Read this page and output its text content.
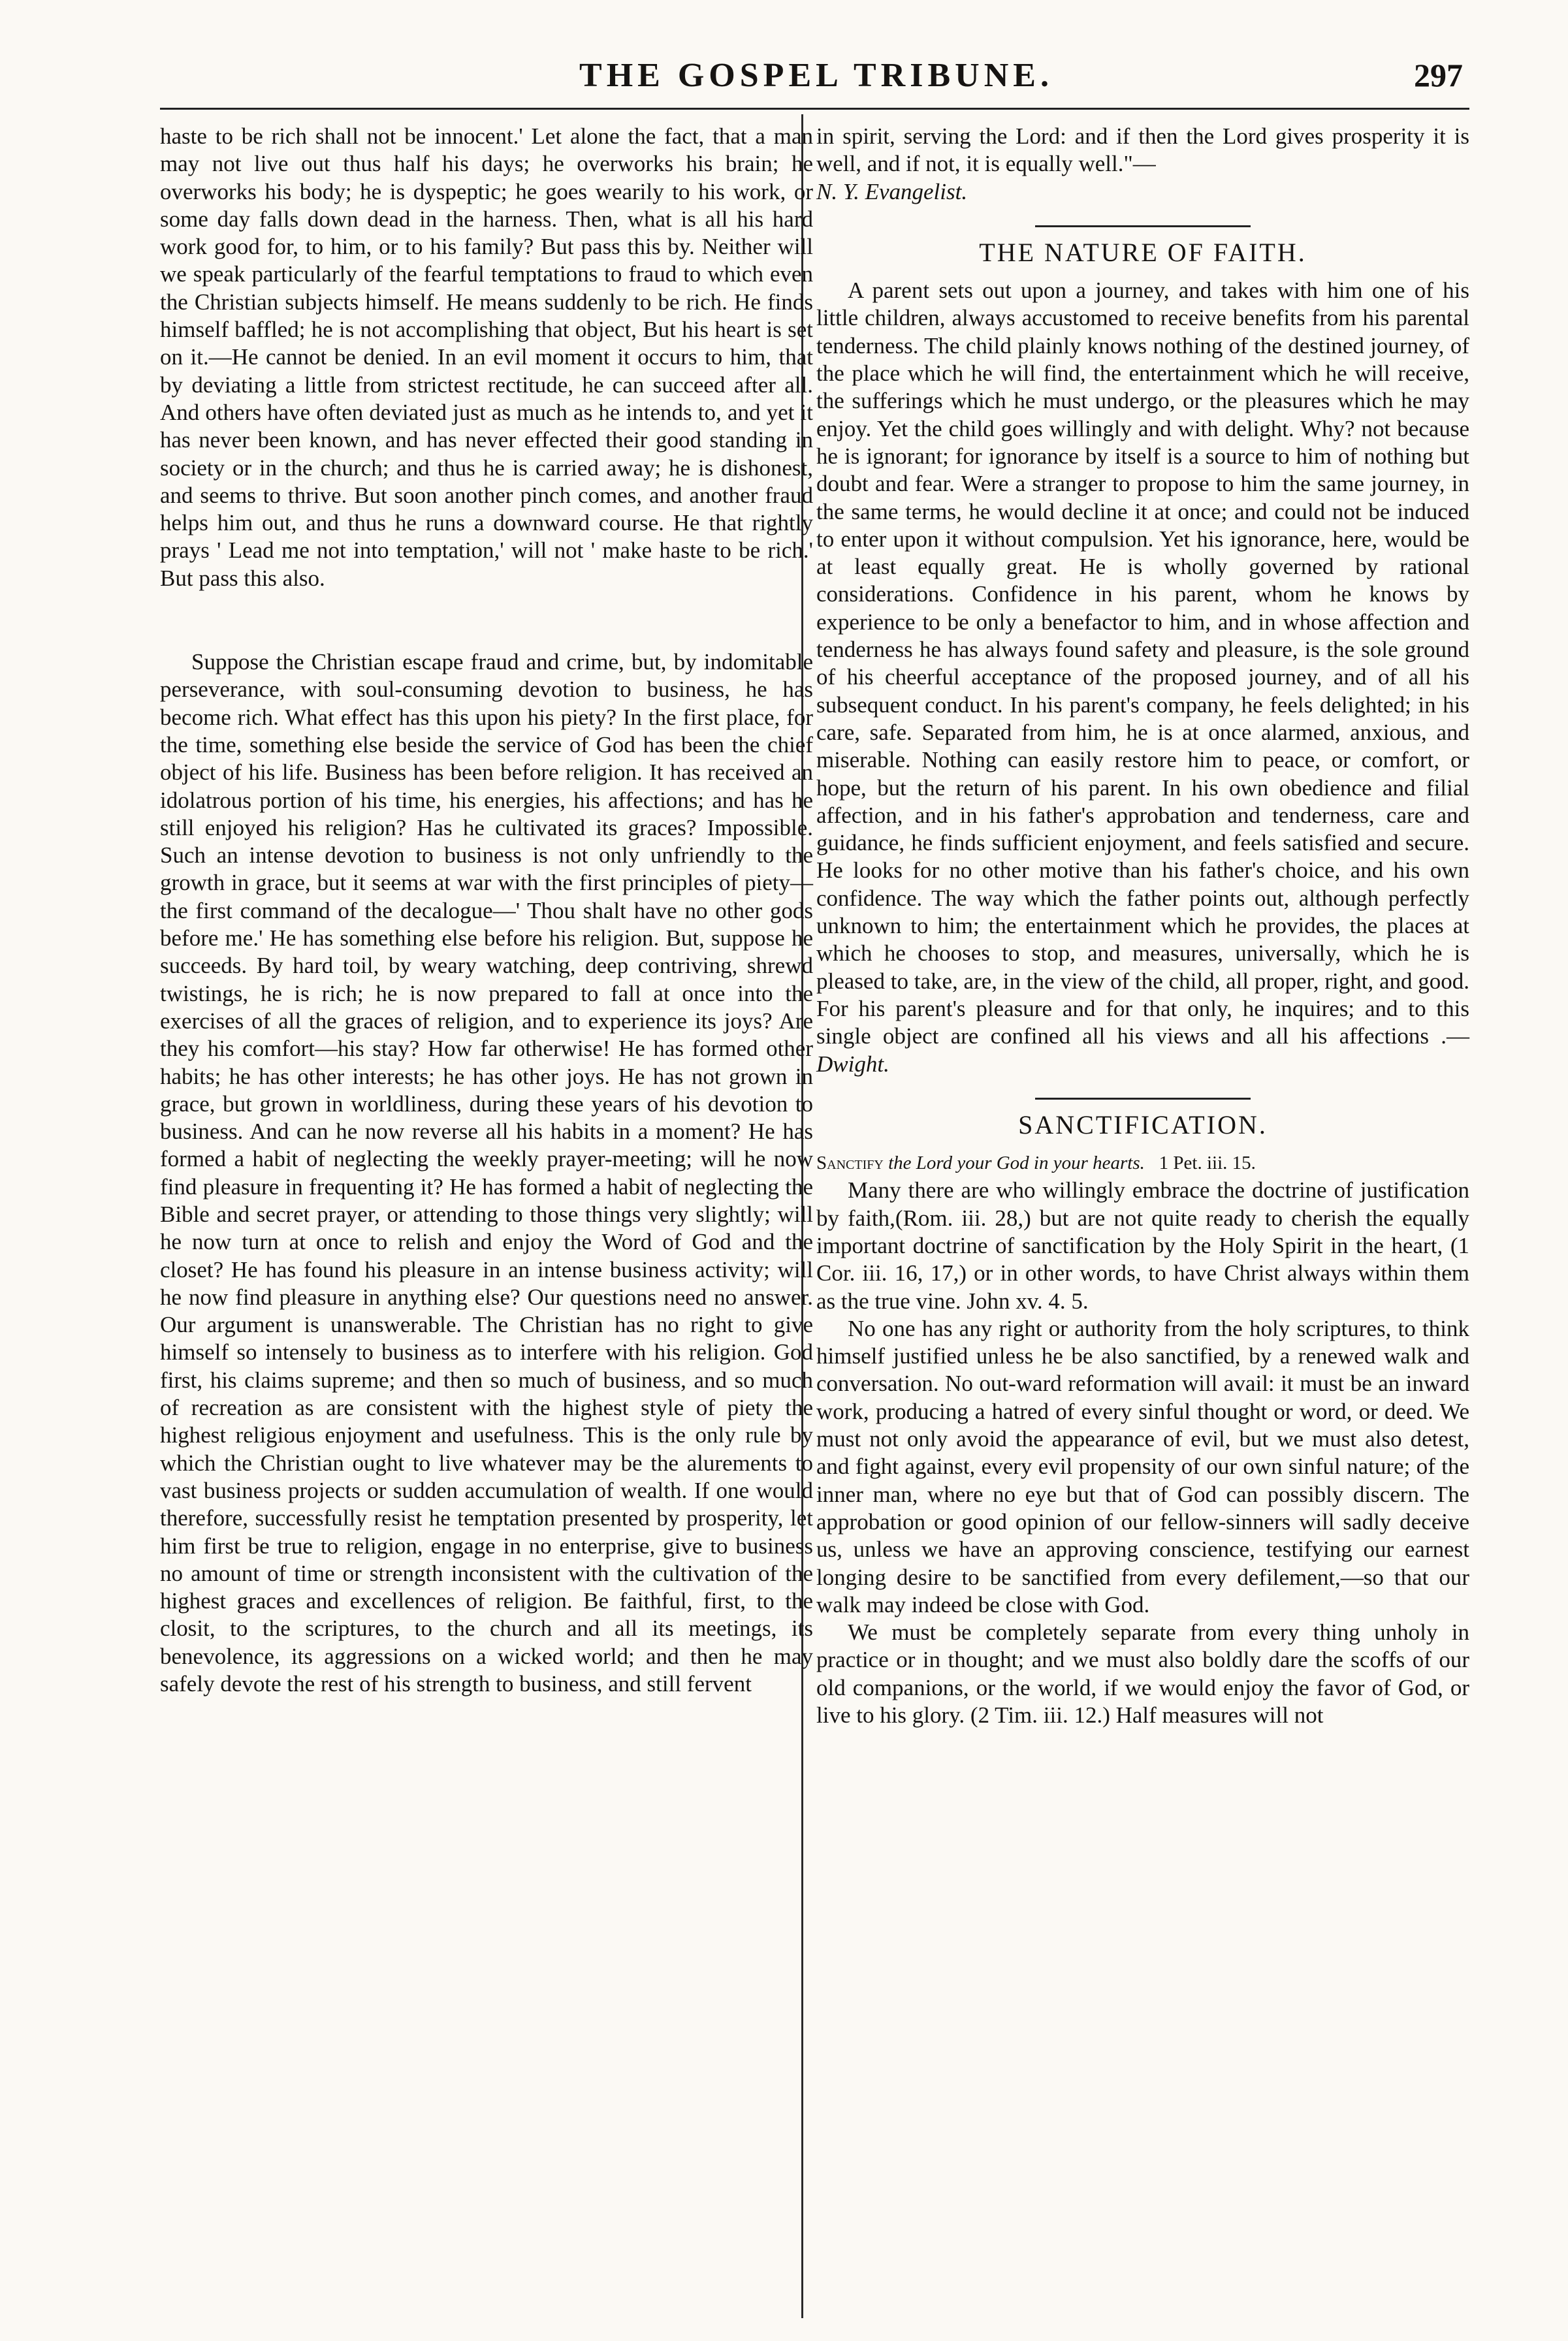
THE GOSPEL TRIBUNE.	297

haste to be rich shall not be innocent.' Let alone the fact, that a man may not live out thus half his days; he overworks his brain; he overworks his body; he is dyspeptic; he goes wearily to his work, or some day falls down dead in the harness. Then, what is all his hard work good for, to him, or to his family? But pass this by. Neither will we speak particularly of the fearful temptations to fraud to which even the Christian subjects himself. He means suddenly to be rich. He finds himself baffled; he is not accomplishing that object, But his heart is set on it.—He cannot be denied. In an evil moment it occurs to him, that by deviating a little from strictest rectitude, he can succeed after all. And others have often deviated just as much as he intends to, and yet it has never been known, and has never effected their good standing in society or in the church; and thus he is carried away; he is dishonest, and seems to thrive. But soon another pinch comes, and another fraud helps him out, and thus he runs a downward course. He that rightly prays ' Lead me not into temptation,' will not ' make haste to be rich.' But pass this also.

Suppose the Christian escape fraud and crime, but, by indomitable perseverance, with soul-consuming devotion to business, he has become rich. What effect has this upon his piety? In the first place, for the time, something else beside the service of God has been the chief object of his life. Business has been before religion. It has received an idolatrous portion of his time, his energies, his affections; and has he still enjoyed his religion? Has he cultivated its graces? Impossible. Such an intense devotion to business is not only unfriendly to the growth in grace, but it seems at war with the first principles of piety—the first command of the decalogue—' Thou shalt have no other gods before me.' He has something else before his religion. But, suppose he succeeds. By hard toil, by weary watching, deep contriving, shrewd twistings, he is rich; he is now prepared to fall at once into the exercises of all the graces of religion, and to experience its joys? Are they his comfort—his stay? How far otherwise! He has formed other habits; he has other interests; he has other joys. He has not grown in grace, but grown in worldliness, during these years of his devotion to business. And can he now reverse all his habits in a moment? He has formed a habit of neglecting the weekly prayer-meeting; will he now find pleasure in frequenting it? He has formed a habit of neglecting the Bible and secret prayer, or attending to those things very slightly; will he now turn at once to relish and enjoy the Word of God and the closet? He has found his pleasure in an intense business activity; will he now find pleasure in anything else? Our questions need no answer. Our argument is unanswerable. The Christian has no right to give himself so intensely to business as to interfere with his religion. God first, his claims supreme; and then so much of business, and so much of recreation as are consistent with the highest style of piety the highest religious enjoyment and usefulness. This is the only rule by which the Christian ought to live whatever may be the alurements to vast business projects or sudden accumulation of wealth. If one would therefore, successfully resist he temptation presented by prosperity, let him first be true to religion, engage in no enterprise, give to business no amount of time or strength inconsistent with the cultivation of the highest graces and excellences of religion. Be faithful, first, to the closit, to the scriptures, to the church and all its meetings, its benevolence, its aggressions on a wicked world; and then he may safely devote the rest of his strength to business, and still fervent

in spirit, serving the Lord: and if then the Lord gives prosperity it is well, and if not, it is equally well."—
N. Y. Evangelist.

THE NATURE OF FAITH.

A parent sets out upon a journey, and takes with him one of his little children, always accustomed to receive benefits from his parental tenderness. The child plainly knows nothing of the destined journey, of the place which he will find, the entertainment which he will receive, the sufferings which he must undergo, or the pleasures which he may enjoy. Yet the child goes willingly and with delight. Why? not because he is ignorant; for ignorance by itself is a source to him of nothing but doubt and fear. Were a stranger to propose to him the same journey, in the same terms, he would decline it at once; and could not be induced to enter upon it without compulsion. Yet his ignorance, here, would be at least equally great. He is wholly governed by rational considerations. Confidence in his parent, whom he knows by experience to be only a benefactor to him, and in whose affection and tenderness he has always found safety and pleasure, is the sole ground of his cheerful acceptance of the proposed journey, and of all his subsequent conduct. In his parent's company, he feels delighted; in his care, safe. Separated from him, he is at once alarmed, anxious, and miserable. Nothing can easily restore him to peace, or comfort, or hope, but the return of his parent. In his own obedience and filial affection, and in his father's approbation and tenderness, care and guidance, he finds sufficient enjoyment, and feels satisfied and secure. He looks for no other motive than his father's choice, and his own confidence. The way which the father points out, although perfectly unknown to him; the entertainment which he provides, the places at which he chooses to stop, and measures, universally, which he is pleased to take, are, in the view of the child, all proper, right, and good. For his parent's pleasure and for that only, he inquires; and to this single object are confined all his views and all his affections .—Dwight.

SANCTIFICATION.

Sanctify the Lord your God in your hearts. 1 Pet. iii. 15.

Many there are who willingly embrace the doctrine of justification by faith,(Rom. iii. 28,) but are not quite ready to cherish the equally important doctrine of sanctification by the Holy Spirit in the heart, (1 Cor. iii. 16, 17,) or in other words, to have Christ always within them as the true vine. John xv. 4. 5.

No one has any right or authority from the holy scriptures, to think himself justified unless he be also sanctified, by a renewed walk and conversation. No out-ward reformation will avail: it must be an inward work, producing a hatred of every sinful thought or word, or deed. We must not only avoid the appearance of evil, but we must also detest, and fight against, every evil propensity of our own sinful nature; of the inner man, where no eye but that of God can possibly discern. The approbation or good opinion of our fellow-sinners will sadly deceive us, unless we have an approving conscience, testifying our earnest longing desire to be sanctified from every defilement,—so that our walk may indeed be close with God.

We must be completely separate from every thing unholy in practice or in thought; and we must also boldly dare the scoffs of our old companions, or the world, if we would enjoy the favor of God, or live to his glory. (2 Tim. iii. 12.) Half measures will not
